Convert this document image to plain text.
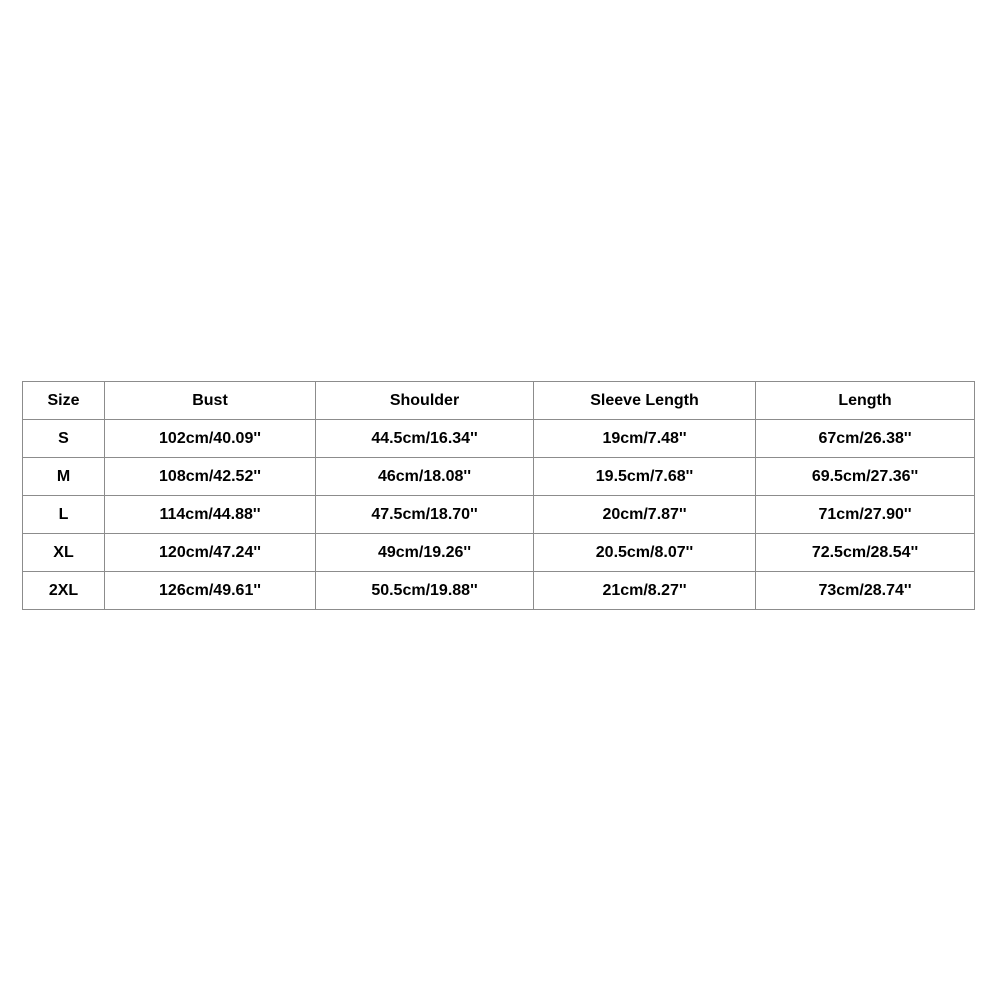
Size	Bust	Shoulder	Sleeve Length	Length
S	102cm/40.09''	44.5cm/16.34''	19cm/7.48''	67cm/26.38''
M	108cm/42.52''	46cm/18.08''	19.5cm/7.68''	69.5cm/27.36''
L	114cm/44.88''	47.5cm/18.70''	20cm/7.87''	71cm/27.90''
XL	120cm/47.24''	49cm/19.26''	20.5cm/8.07''	72.5cm/28.54''
2XL	126cm/49.61''	50.5cm/19.88''	21cm/8.27''	73cm/28.74''
